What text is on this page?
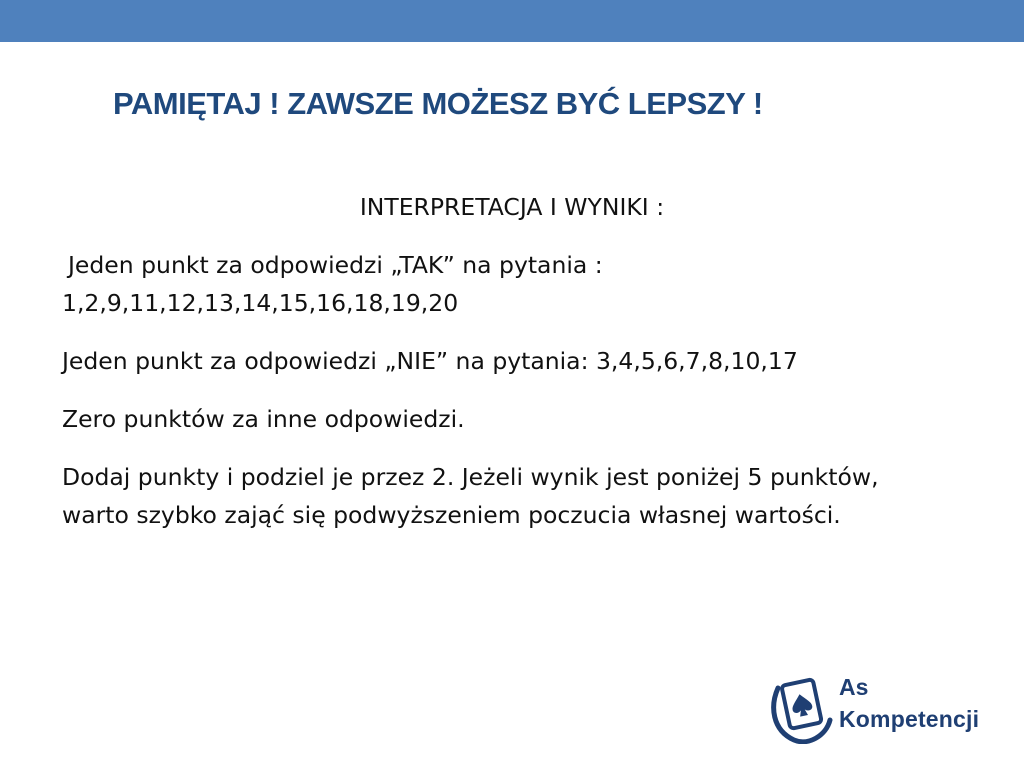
PAMIĘTAJ ! ZAWSZE MOŻESZ BYĆ LEPSZY !

INTERPRETACJA I WYNIKI :

Jeden punkt za odpowiedzi „TAK” na pytania :
1,2,9,11,12,13,14,15,16,18,19,20

Jeden punkt za odpowiedzi „NIE” na pytania: 3,4,5,6,7,8,10,17

Zero punktów za inne odpowiedzi.

Dodaj punkty i podziel je przez 2. Jeżeli wynik jest poniżej 5 punktów, warto szybko zająć się podwyższeniem poczucia własnej wartości.

As
Kompetencji
